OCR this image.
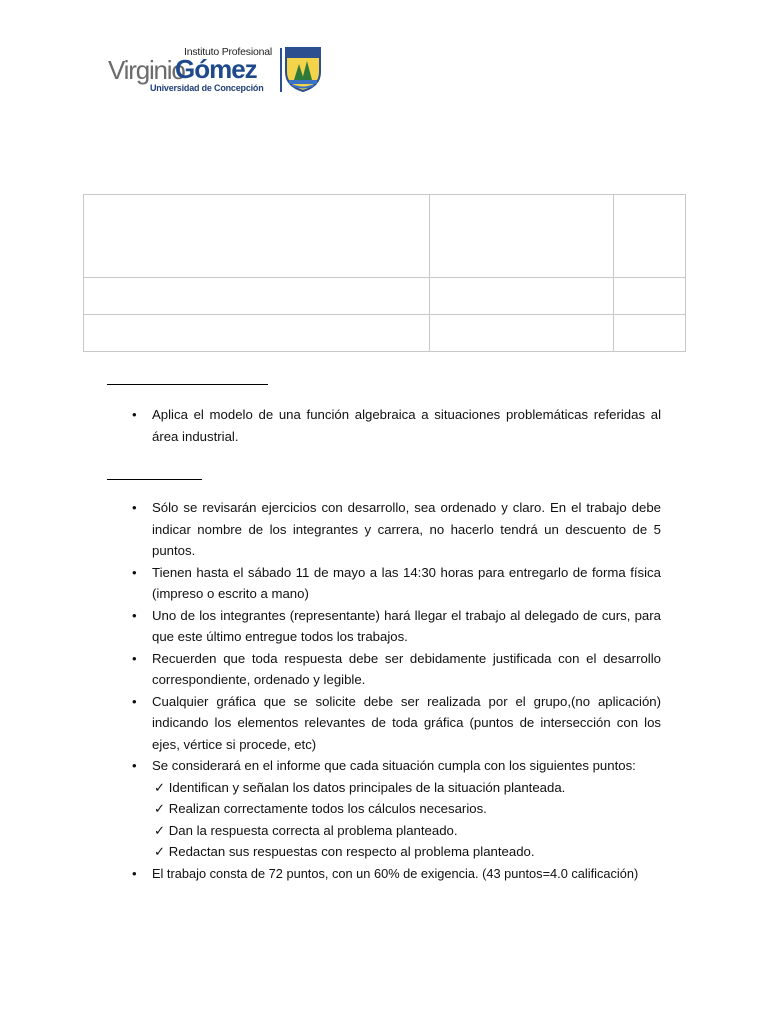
Instituto Profesional
Virginio
Gómez
Universidad de Concepción

• Aplica el modelo de una función algebraica a situaciones problemáticas referidas al área industrial.
• Sólo se revisarán ejercicios con desarrollo, sea ordenado y claro. En el trabajo debe indicar nombre de los integrantes y carrera, no hacerlo tendrá un descuento de 5 puntos.
• Tienen hasta el sábado 11 de mayo a las 14:30 horas para entregarlo de forma física (impreso o escrito a mano)
• Uno de los integrantes (representante) hará llegar el trabajo al delegado de curs, para que este último entregue todos los trabajos.
• Recuerden que toda respuesta debe ser debidamente justificada con el desarrollo correspondiente, ordenado y legible.
• Cualquier gráfica que se solicite debe ser realizada por el grupo,(no aplicación) indicando los elementos relevantes de toda gráfica (puntos de intersección con los ejes, vértice si procede, etc)
• Se considerará en el informe que cada situación cumpla con los siguientes puntos:
✓ Identifican y señalan los datos principales de la situación planteada.
✓ Realizan correctamente todos los cálculos necesarios.
✓ Dan la respuesta correcta al problema planteado.
✓ Redactan sus respuestas con respecto al problema planteado.
• El trabajo consta de 72 puntos, con un 60% de exigencia. (43 puntos=4.0 calificación)
